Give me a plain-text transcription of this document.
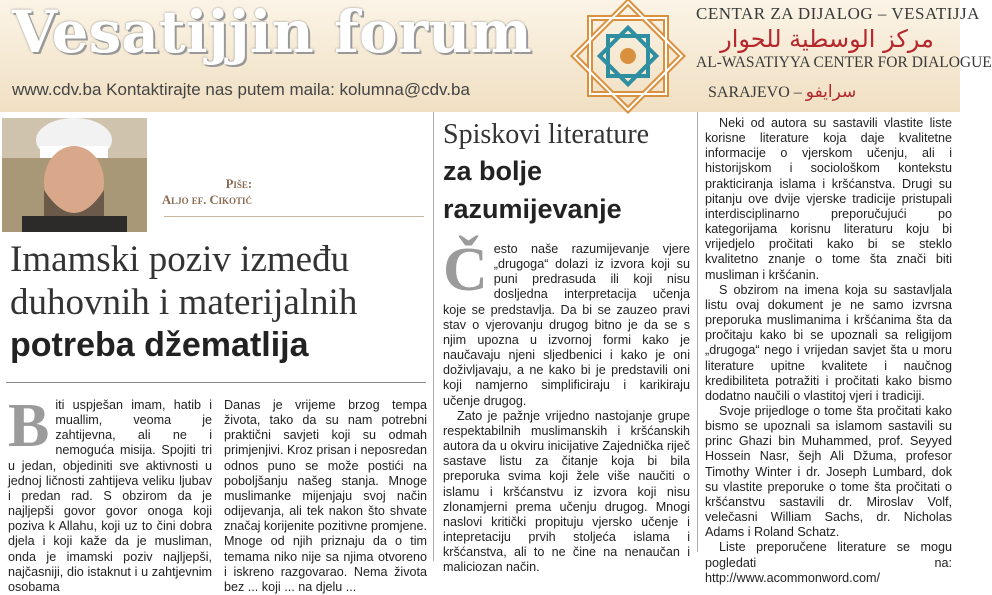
Vesatijjin forum
www.cdv.ba Kontaktirajte nas putem maila: kolumna@cdv.ba
CENTAR ZA DIJALOG – VESATIJJA
مركز الوسطية للحوار
AL-WASATIYYA CENTER FOR DIALOGUE
SARAJEVO – سرايفو
Piše:
Aljo ef. Cikotić
Imamski poziv između
duhovnih i materijalnih
potreba džematlija
Biti uspješan imam, hatib i muallim, veoma je zahtijevna, ali ne i nemoguća misija. Spojiti tri u jedan, objediniti sve aktivnosti u jednoj ličnosti zahtijeva veliku ljubav i predan rad. S obzirom da je najljepši govor govor onoga koji poziva k Allahu, koji uz to čini dobra djela i koji kaže da je musliman, onda je imamski poziv najljepši, najčasniji, dio istaknut i u zahtjevnim osobama
Danas je vrijeme brzog tempa života, tako da su nam potrebni praktični savjeti koji su odmah primjenjivi. Kroz prisan i neposredan odnos puno se može postići na poboljšanju našeg stanja. Mnoge muslimanke mijenjaju svoj način odijevanja, ali tek nakon što shvate značaj korijenite pozitivne promjene. Mnoge od njih priznaju da o tim temama niko nije sa njima otvoreno i iskreno razgovarao. Nema života bez ... koji ... na djelu ...
Spiskovi literature
za bolje
razumijevanje

Često naše razumijevanje vjere „drugoga“ dolazi iz izvora koji su puni predrasuda ili koji nisu dosljedna interpretacija učenja koje se predstavlja. Da bi se zauzeo pravi stav o vjerovanju drugog bitno je da se s njim upozna u izvornoj formi kako je naučavaju njeni sljedbenici i kako je oni doživljavaju, a ne kako bi je predstavili oni koji namjerno simplificiraju i karikiraju učenje drugog.

Zato je pažnje vrijedno nastojanje grupe respektabilnih muslimanskih i kršćanskih autora da u okviru inicijative Zajednička riječ sastave listu za čitanje koja bi bila preporuka svima koji žele više naučiti o islamu i kršćanstvu iz izvora koji nisu zlonamjerni prema učenju drugog. Mnogi naslovi kritički propituju vjersko učenje i intepretaciju prvih stoljeća islama i kršćanstva, ali to ne čine na nenaučan i maliciozan način.

Neki od autora su sastavili vlastite liste korisne literature koja daje kvalitetne informacije o vjerskom učenju, ali i historijskom i sociološkom kontekstu prakticiranja islama i kršćanstva. Drugi su pitanju ove dvije vjerske tradicije pristupali interdisciplinarno preporučujući po kategorijama korisnu literaturu koju bi vrijedjelo pročitati kako bi se steklo kvalitetno znanje o tome šta znači biti musliman i kršćanin.

S obzirom na imena koja su sastavljala listu ovaj dokument je ne samo izvrsna preporuka muslimanima i kršćanima šta da pročitaju kako bi se upoznali sa religijom „drugoga“ nego i vrijedan savjet šta u moru literature upitne kvalitete i naučnog kredibiliteta potražiti i pročitati kako bismo dodatno naučili o vlastitoj vjeri i tradiciji.

Svoje prijedloge o tome šta pročitati kako bismo se upoznali sa islamom sastavili su princ Ghazi bin Muhammed, prof. Seyyed Hossein Nasr, šejh Ali Džuma, profesor Timothy Winter i dr. Joseph Lumbard, dok su vlastite preporuke o tome šta pročitati o kršćanstvu sastavili dr. Miroslav Volf, velečasni William Sachs, dr. Nicholas Adams i Roland Schatz.

Liste preporučene literature se mogu pogledati na: http://www.acommonword.com/
